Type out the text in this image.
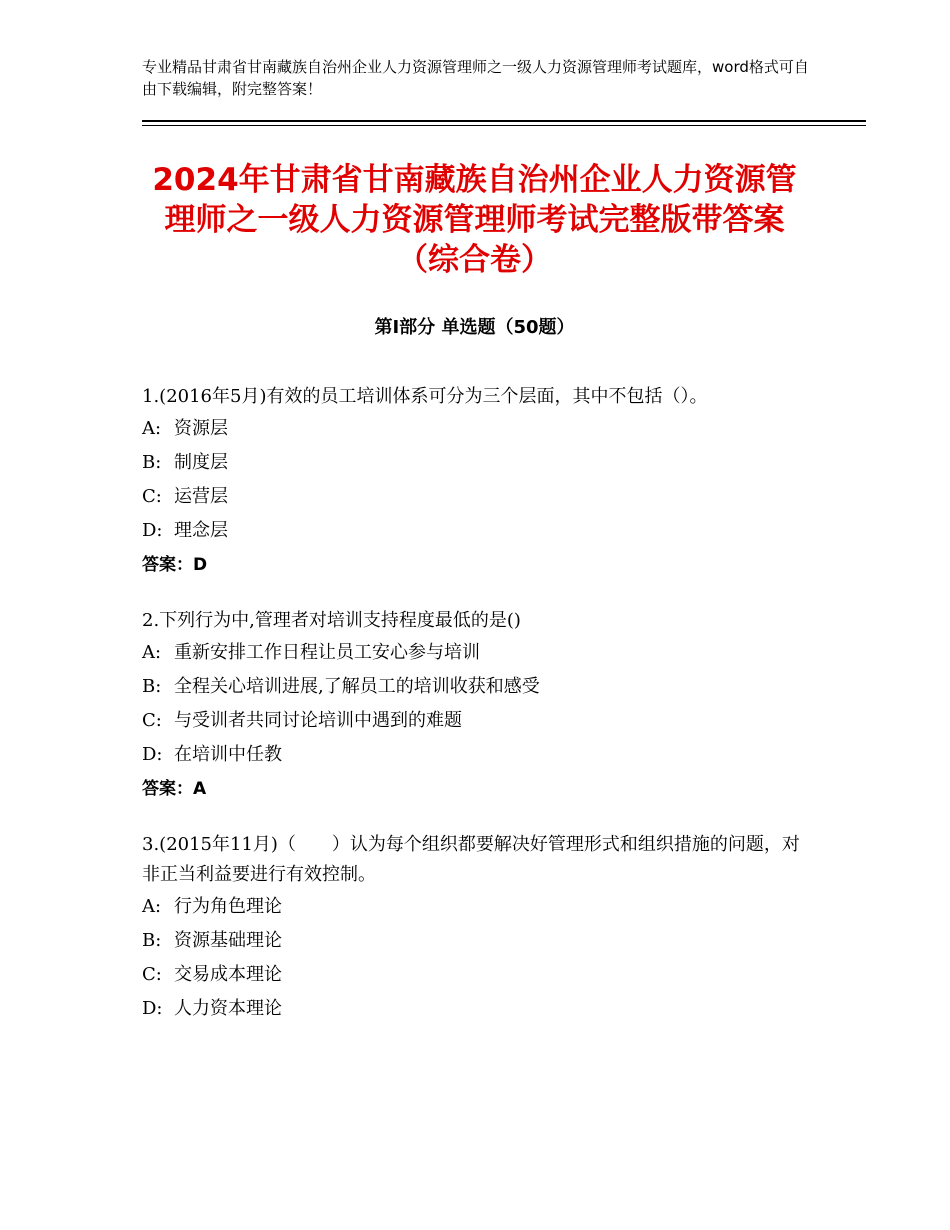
专业精品甘肃省甘南藏族自治州企业人力资源管理师之一级人力资源管理师考试题库，word格式可自由下载编辑，附完整答案！
2024年甘肃省甘南藏族自治州企业人力资源管理师之一级人力资源管理师考试完整版带答案（综合卷）
第Ⅰ部分 单选题（50题）

1.(2016年5月)有效的员工培训体系可分为三个层面，其中不包括（）。

A: 资源层

B: 制度层

C: 运营层

D: 理念层

答案：D

2.下列行为中,管理者对培训支持程度最低的是()

A: 重新安排工作日程让员工安心参与培训

B: 全程关心培训进展,了解员工的培训收获和感受

C: 与受训者共同讨论培训中遇到的难题

D: 在培训中任教

答案：A

3.(2015年11月)（　　）认为每个组织都要解决好管理形式和组织措施的问题，对非正当利益要进行有效控制。

A: 行为角色理论

B: 资源基础理论

C: 交易成本理论

D: 人力资本理论
